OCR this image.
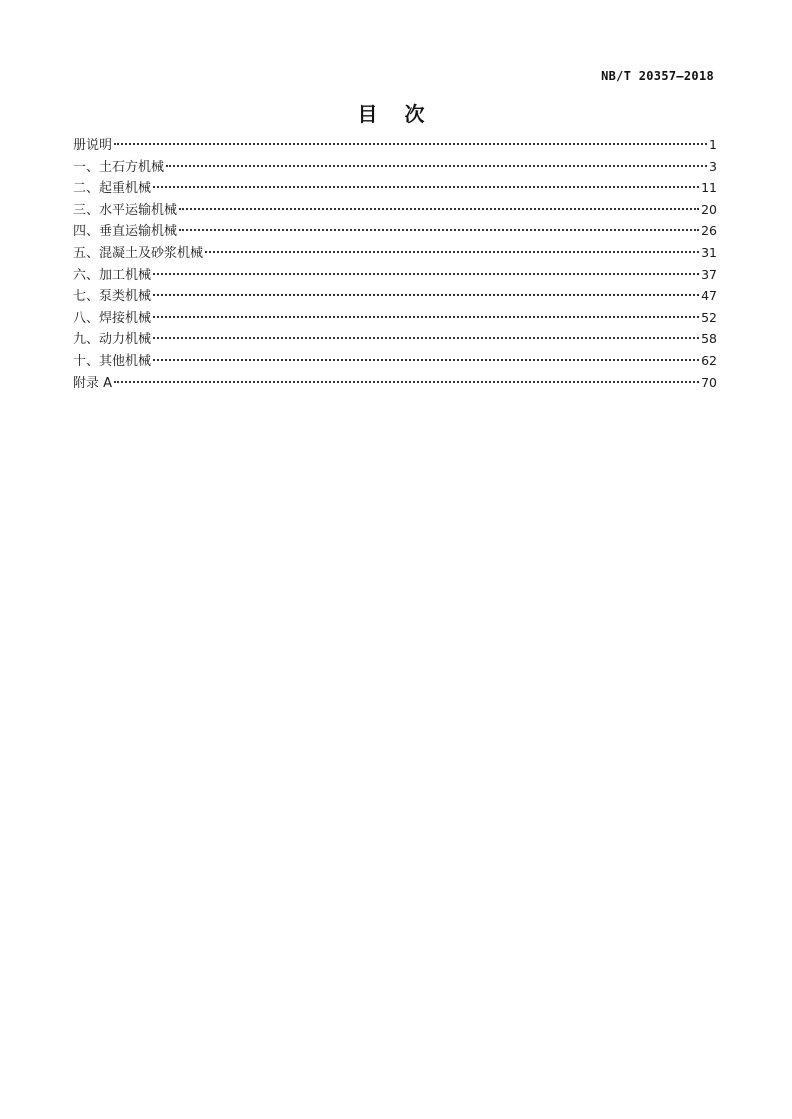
NB/T 20357—2018
目 次
册说明	1
一、土石方机械	3
二、起重机械	11
三、水平运输机械	20
四、垂直运输机械	26
五、混凝土及砂浆机械	31
六、加工机械	37
七、泵类机械	47
八、焊接机械	52
九、动力机械	58
十、其他机械	62
附录 A	70
